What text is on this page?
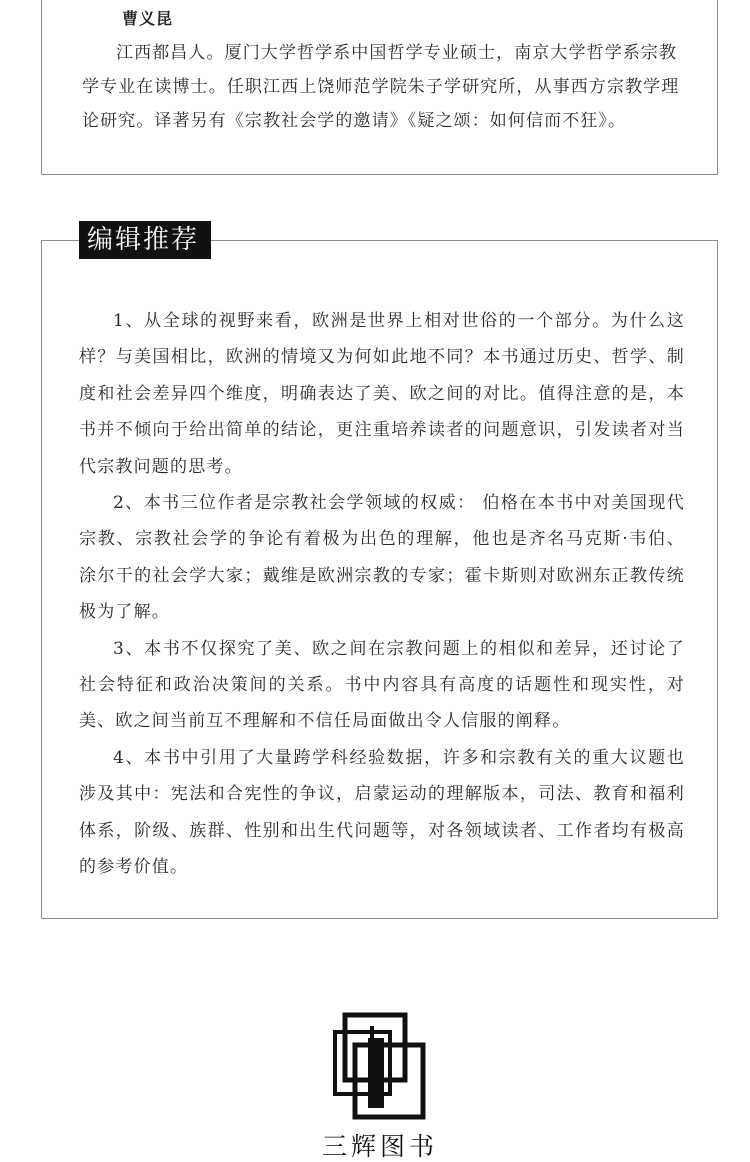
曹义昆

江西都昌人。厦门大学哲学系中国哲学专业硕士，南京大学哲学系宗教学专业在读博士。任职江西上饶师范学院朱子学研究所，从事西方宗教学理论研究。译著另有《宗教社会学的邀请》《疑之颂：如何信而不狂》。

编辑推荐

1、从全球的视野来看，欧洲是世界上相对世俗的一个部分。为什么这样？与美国相比，欧洲的情境又为何如此地不同？本书通过历史、哲学、制度和社会差异四个维度，明确表达了美、欧之间的对比。值得注意的是，本书并不倾向于给出简单的结论，更注重培养读者的问题意识，引发读者对当代宗教问题的思考。

2、本书三位作者是宗教社会学领域的权威： 伯格在本书中对美国现代宗教、宗教社会学的争论有着极为出色的理解，他也是齐名马克斯·韦伯、涂尔干的社会学大家；戴维是欧洲宗教的专家；霍卡斯则对欧洲东正教传统极为了解。

3、本书不仅探究了美、欧之间在宗教问题上的相似和差异，还讨论了社会特征和政治决策间的关系。书中内容具有高度的话题性和现实性，对美、欧之间当前互不理解和不信任局面做出令人信服的阐释。

4、本书中引用了大量跨学科经验数据，许多和宗教有关的重大议题也涉及其中：宪法和合宪性的争议，启蒙运动的理解版本，司法、教育和福利体系，阶级、族群、性别和出生代问题等，对各领域读者、工作者均有极高的参考价值。

三辉图书
